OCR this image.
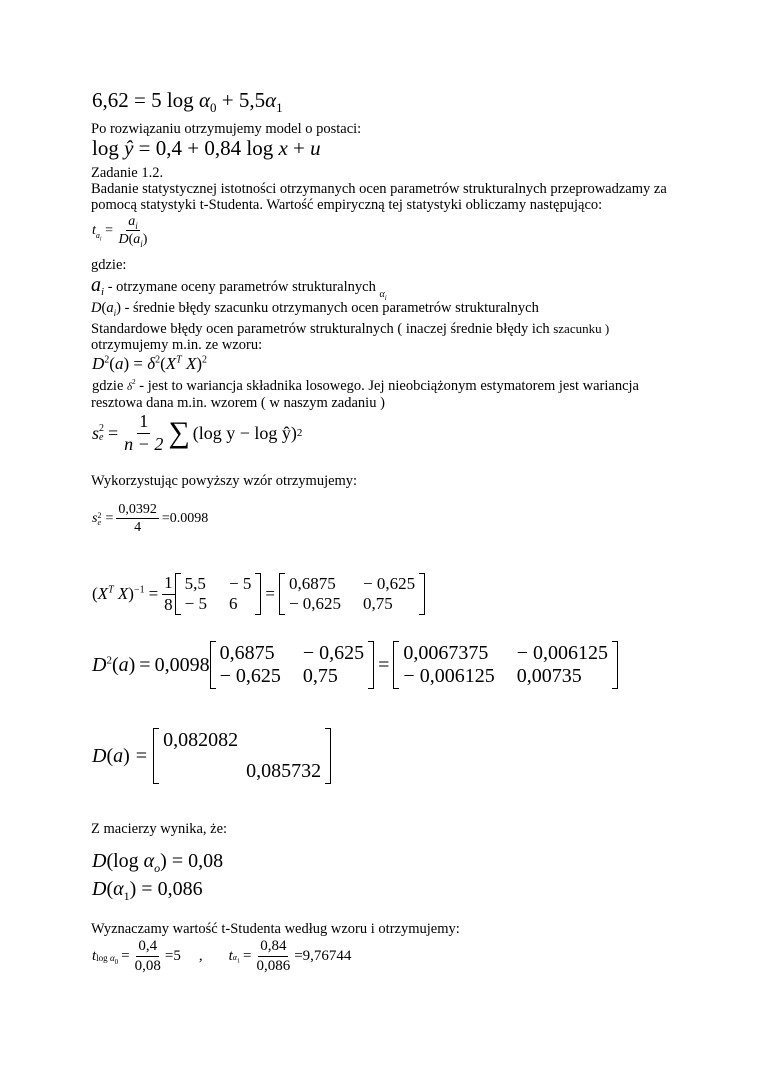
6,62 = 5 $\log \alpha_0 + 5,5\alpha_1$
Po rozwiązaniu otrzymujemy model o postaci:
log ŷ = 0,4 + 0,84 log x + u
Zadanie 1.2.
Badanie statystycznej istotności otrzymanych ocen parametrów strukturalnych przeprowadzamy za
pomocą statystyki t-Studenta. Wartość empiryczną tej statystyki obliczamy następująco:
$t_{a_i} = \frac{a_i}{D(a_i)}$
gdzie:
$a_i$ - otrzymane oceny parametrów strukturalnych $_{\alpha_i}$
$D(a_i)$ - średnie błędy szacunku otrzymanych ocen parametrów strukturalnych
Standardowe błędy ocen parametrów strukturalnych ( inaczej średnie błędy ich szacunku )
otrzymujemy m.in. ze wzoru:
$D^2(a) = \delta^2(X^T$ X)$^2$
gdzie $\delta^2$ - jest to wariancja składnika losowego. Jej nieobciążonym estymatorem jest wariancja
resztowa dana m.in. wzorem ( w naszym zadaniu )
s 2
$e = \frac{1}{n - 2}$ ∑ (log y − log ŷ) 2
Wykorzystując powyższy wzór otrzymujemy:
s 2
$e = \frac{0,0392}{4} = 0.0098$
($X^T$ $X)^{-1} = \frac{1}{8} 5,5 - 5$
− 5 6
=
0,6875	− 0,625
− 0,625 0,75
$D^2(a) = 0,0098$
0,6875	− 0,625
− 0,625 0,75
=
0,0067375	− 0,006125
− 0,006125 0,00735
D(a) =
0,082082
0,085732
Z macierzy wynika, że:
D(log $\alpha_o) = 0,08$
$D(\alpha_1) = 0,086$
Wyznaczamy wartość t-Studenta według wzoru i otrzymujemy:
$t_{log \alpha_0} = \frac{0,4}{0,08} = 5$ , t $_{\alpha_1} = \frac{0,84}{0,086} = 9,76744$
